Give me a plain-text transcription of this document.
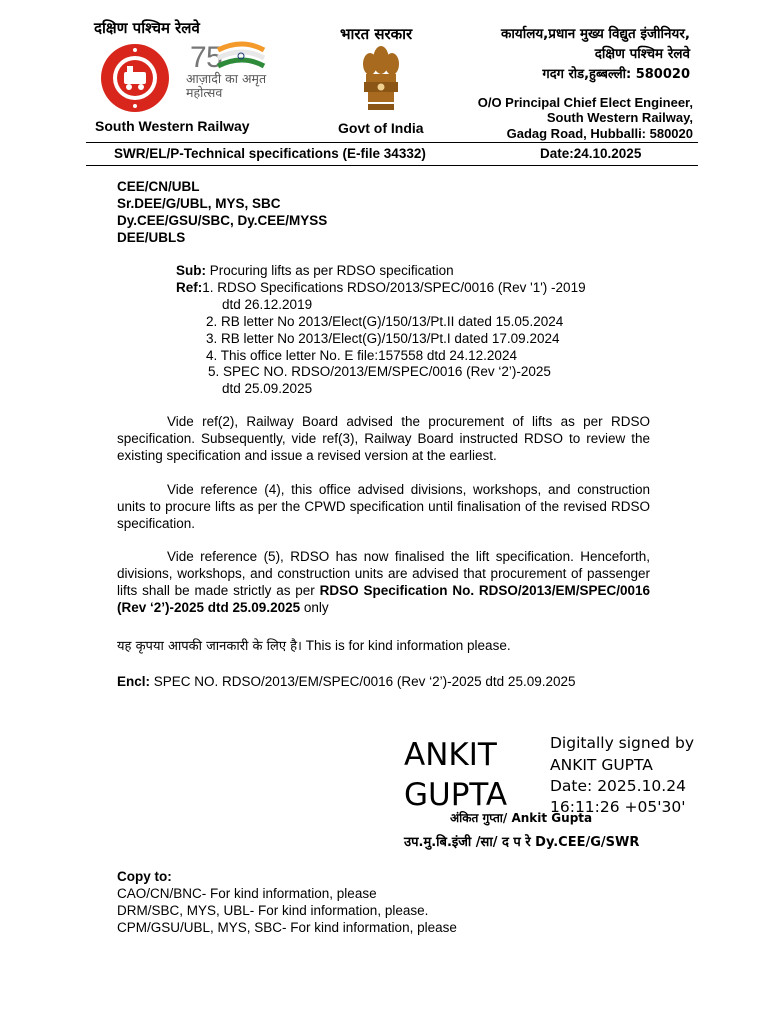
दक्षिण पश्चिम रेलवे
7 5
आज़ादी का अमृत महोत्सव
South Western Railway
भारत सरकार
Govt of India
कार्यालय,प्रधान मुख्य विद्युत इंजीनियर,
दक्षिण पश्चिम रेलवे
गदग रोड,हुब्बल्ली: 580020
O/O Principal Chief Elect Engineer,
South Western Railway,
Gadag Road, Hubballi: 580020
SWR/EL/P-Technical specifications (E-file 34332)	Date:24.10.2025
CEE/CN/UBL
Sr.DEE/G/UBL, MYS, SBC
Dy.CEE/GSU/SBC, Dy.CEE/MYSS
DEE/UBLS
Sub: Procuring lifts as per RDSO specification
Ref:1. RDSO Specifications RDSO/2013/SPEC/0016 (Rev '1') -2019
dtd 26.12.2019
2. RB letter No 2013/Elect(G)/150/13/Pt.II dated 15.05.2024
3. RB letter No 2013/Elect(G)/150/13/Pt.I dated 17.09.2024
4. This office letter No. E file:157558 dtd 24.12.2024
5. SPEC NO. RDSO/2013/EM/SPEC/0016 (Rev ‘2’)-2025
dtd 25.09.2025
Vide ref(2), Railway Board advised the procurement of lifts as per RDSO specification. Subsequently, vide ref(3), Railway Board instructed RDSO to review the existing specification and issue a revised version at the earliest.
Vide reference (4), this office advised divisions, workshops, and construction units to procure lifts as per the CPWD specification until finalisation of the revised RDSO specification.
Vide reference (5), RDSO has now finalised the lift specification. Henceforth, divisions, workshops, and construction units are advised that procurement of passenger lifts shall be made strictly as per RDSO Specification No. RDSO/2013/EM/SPEC/0016 (Rev ‘2’)-2025 dtd 25.09.2025 only
यह कृपया आपकी जानकारी के लिए है। This is for kind information please.
Encl: SPEC NO. RDSO/2013/EM/SPEC/0016 (Rev ‘2’)-2025 dtd 25.09.2025
ANKIT
GUPTA
Digitally signed by
ANKIT GUPTA
Date: 2025.10.24
16:11:26 +05'30'
अंकित गुप्ता/ Ankit Gupta
उप.मु.बि.इंजी /सा/ द प रे Dy.CEE/G/SWR
Copy to:
CAO/CN/BNC- For kind information, please
DRM/SBC, MYS, UBL- For kind information, please.
CPM/GSU/UBL, MYS, SBC- For kind information, please
